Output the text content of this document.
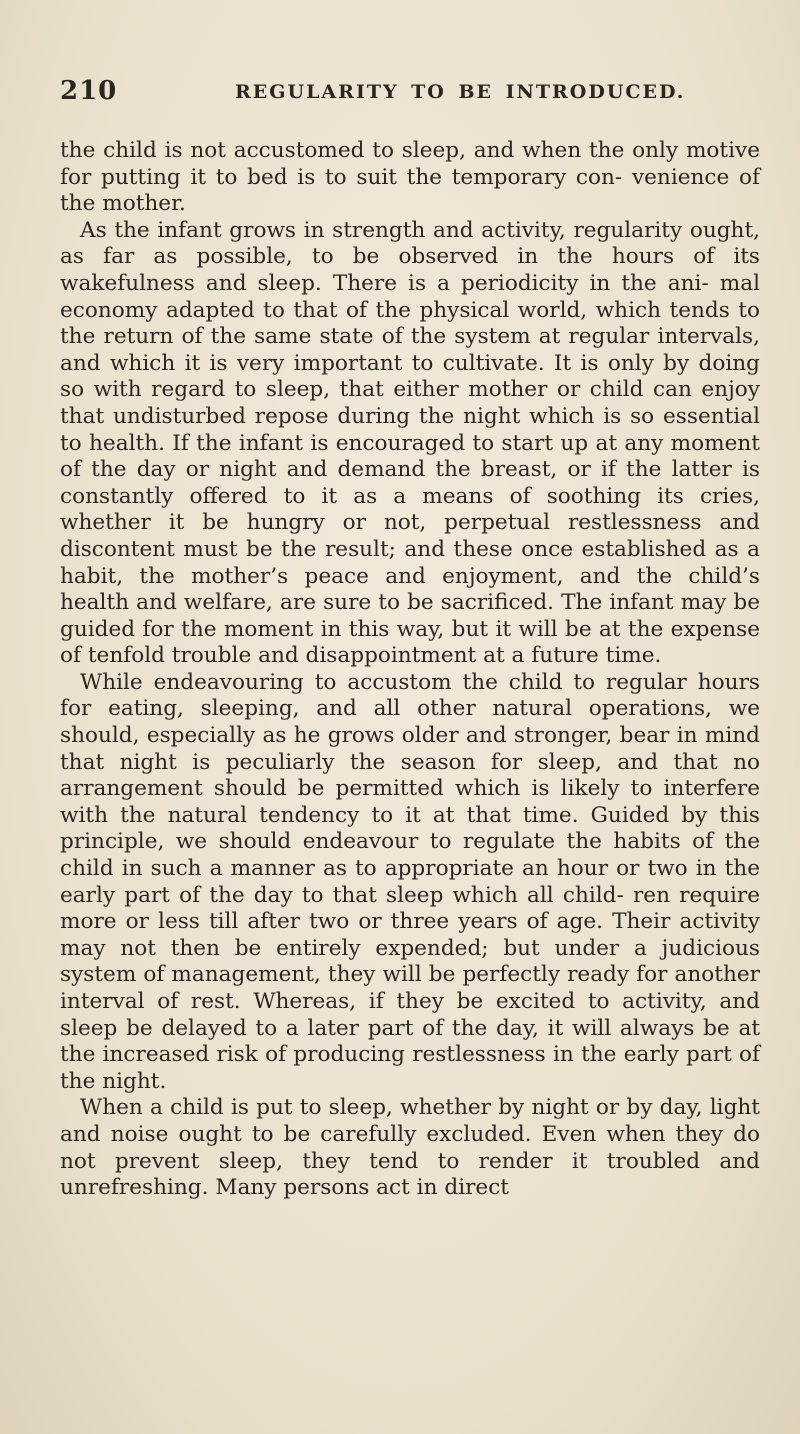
210	REGULARITY TO BE INTRODUCED.

the child is not accustomed to sleep, and when the only motive for putting it to bed is to suit the temporary con- venience of the mother.

As the infant grows in strength and activity, regularity ought, as far as possible, to be observed in the hours of its wakefulness and sleep. There is a periodicity in the ani- mal economy adapted to that of the physical world, which tends to the return of the same state of the system at regular intervals, and which it is very important to cultivate. It is only by doing so with regard to sleep, that either mother or child can enjoy that undisturbed repose during the night which is so essential to health. If the infant is encouraged to start up at any moment of the day or night and demand the breast, or if the latter is constantly offered to it as a means of soothing its cries, whether it be hungry or not, perpetual restlessness and discontent must be the result; and these once established as a habit, the mother’s peace and enjoyment, and the child’s health and welfare, are sure to be sacrificed. The infant may be guided for the moment in this way, but it will be at the expense of tenfold trouble and disappointment at a future time.

While endeavouring to accustom the child to regular hours for eating, sleeping, and all other natural operations, we should, especially as he grows older and stronger, bear in mind that night is peculiarly the season for sleep, and that no arrangement should be permitted which is likely to interfere with the natural tendency to it at that time. Guided by this principle, we should endeavour to regulate the habits of the child in such a manner as to appropriate an hour or two in the early part of the day to that sleep which all child- ren require more or less till after two or three years of age. Their activity may not then be entirely expended; but under a judicious system of management, they will be perfectly ready for another interval of rest. Whereas, if they be excited to activity, and sleep be delayed to a later part of the day, it will always be at the increased risk of producing restlessness in the early part of the night.

When a child is put to sleep, whether by night or by day, light and noise ought to be carefully excluded. Even when they do not prevent sleep, they tend to render it troubled and unrefreshing. Many persons act in direct
